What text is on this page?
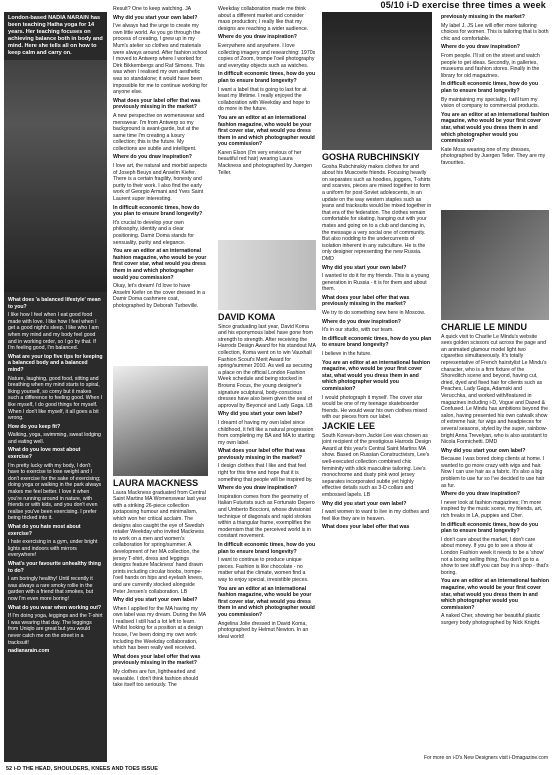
05/10 i-D exercise three times a week
London-based NADIA NARAIN has been teaching Hatha yoga for 14 years. Her teaching focuses on achieving balance both in body and mind. Here she tells all on how to keep calm and carry on.

What does 'a balanced lifestyle' mean to you?

I like how I feel when I eat good food made with love. I like how I feel when I get a good night's sleep. I like who I am when my mind and my body feel good and in working order, so I go by that. If I'm feeling good, I'm balanced.

What are your top five tips for keeping a balanced body and a balanced mind?

Nature, laughing, good food, sitting and breathing when my mind starts to spiral, liking yourself, so corny but it makes such a difference to feeling good. When I like myself, I do good things for myself. When I don't like myself, it all goes a bit wrong.

How do you keep fit?

Walking, yoga, swimming, sweat lodging and eating well.

What do you love most about exercise?

I'm pretty lucky with my body, I don't have to exercise to lose weight and I don't exercise for the sake of exercising; doing yoga or walking in the park always makes me feel better. I love it when you're running around in nature, with friends or with kids, and you don't even realise you've been exercising. I prefer being tricked into it.

What do you hate most about exercise?

I hate exercising in a gym, under bright lights and indoors with mirrors everywhere!

What's your favourite unhealthy thing to do?

I am boringly healthy! Until recently it was always a rare smoky rollie in the garden with a friend that smokes, but now I'm even more boring!

What do you wear when working out?

If I'm doing yoga, leggings and the T-shirt I was wearing that day. The leggings from Uniqlo are great but you would never catch me on the street in a tracksuit!

nadianarain.com

Result? One to keep watching. JA

Why did you start your own label?

I've always had the urge to create my own little world. As you go through the process of creating, I grew up in my Mum's atelier so clothes and materials were always around. After fashion school I moved to Antwerp where I worked for Dirk Bikkembergs and Raf Simons. This was when I realised my own aesthetic was so standalone; it would have been impossible for me to continue working for anyone else.

What does your label offer that was previously missing in the market?

A new perspective on womenswear and menswear. I'm from Antwerp so my background is avant-garde, but at the same time I'm creating a luxury collection; this is the future. My collections are subtle and intelligent.

Where do you draw inspiration?

I love art, the natural and morbid aspects of Joseph Beuys and Anselm Kiefer. There is a certain fragility, honesty and purity to their work. I also find the early work of Georgio Armani and Yves Saint Laurent super interesting.

In difficult economic times, how do you plan to ensure brand longevity?

It's crucial to develop your own philosophy, identity and a clear positioning. Damir Doma stands for sensuality, purity and elegance.

You are an editor at an international fashion magazine, who would be your first cover star, what would you dress them in and which photographer would you commission?

Okay, let's dream! I'd love to have Anselm Kiefer on the cover dressed in a Damir Doma cashmere coat, photographed by Deborah Turbeville.

LAURA MACKNESS

Laura Mackness graduated from Central Saint Martins MA Womenswear last year with a striking 26-piece collection juxtaposing humour and minimalism, which won her critical acclaim. The designs also caught the eye of Swedish retailer Weekday who invited Mackness to work on a men and women's collaboration for spring/summer. A development of her MA collection, the jersey T-shirt, dress and leggings designs feature Mackness' hand drawn prints including circular boobs, trompe-l'oeil hands on hips and eyelash knees, and are currently stocked alongside Peter Jensen's collaboration. LB

Why did you start your own label?

When I applied for the MA having my own label was my dream. During the MA I realised I still had a lot left to learn. Whilst looking for a position at a design house, I've been doing my own work including the Weekday collaboration, which has been really well received.

What does your label offer that was previously missing in the market?

My clothes are fun, lighthearted and wearable. I don't think fashion should take itself too seriously. The

Weekday collaboration made me think about a different market and consider mass production; I really like that my designs are reaching a wider audience.

Where do you draw inspiration?

Everywhere and anywhere. I love collecting imagery and researching: 1970s copies of Zoom, trompe l'oeil photography and everyday objects such as watches.

In difficult economic times, how do you plan to ensure brand longevity?

I want a label that is going to last for at least my lifetime. I really enjoyed the collaboration with Weekday and hope to do more in the future.

You are an editor at an international fashion magazine, who would be your first cover star, what would you dress them in and which photographer would you commission?

Karen Elson (I'm very envious of her beautiful red hair) wearing Laura Mackness and photographed by Juergen Teller.

DAVID KOMA

Since graduating last year, David Koma and his eponymous label have gone from strength to strength. After receiving the Harrods Design Award for his standout MA collection, Koma went on to win Vauxhall Fashion Scout's Merit Award for spring/summer 2010. As well as securing a place on the official London Fashion Week schedule and being stocked in Browns Focus, the young designer's signature sculptural, body-conscious dresses have also been given the seal of approval by Beyoncé and Lady Gaga. LB

Why did you start your own label?

I dreamt of having my own label since childhood, it felt like a natural progression from completing my BA and MA to starting my own label.

What does your label offer that was previously missing in the market?

I design clothes that I like and that feel right for this time and hope that it is something that people will be inspired by.

Where do you draw inspiration?

Inspiration comes from the geometry of Italian Futurists such as Fortunato Depero and Umberto Boccioni, whose divisionist technique of diagonals and rapid strokes within a triangular frame, exemplifies the modernism that the perceived world is in constant movement.

In difficult economic times, how do you plan to ensure brand longevity?

I want to continue to produce unique pieces. Fashion is like chocolate - no matter what the climate, women find a way to enjoy special, irresistible pieces.

You are an editor at an international fashion magazine, who would be your first cover star, what would you dress them in and which photographer would you commission?

Angelina Jolie dressed in David Koma, photographed by Helmut Newton. In an ideal world!

GOSHA RUBCHINSKIY

Gosha Rubchinskiy makes clothes for and about his Muscovite friends. Focusing heavily on separates such as hoodies, joggers, T-shirts and scarves, pieces are mixed together to form a uniform for post-Soviet adolescents, in an update on the way western staples such as jeans and tracksuits would be mixed together in that era of the federation. The clothes remain comfortable for skating, hanging out with your mates and going on to a club and dancing in, the message a very social one of community. But also nodding to the undercurrents of isolation inherent in any subculture. He is the only designer representing the new Russia. DMD

Why did you start your own label?

I wanted to do it for my friends. This is a young generation in Russia - it is for them and about them.

What does your label offer that was previously missing in the market?

We try to do something new here in Moscow.

Where do you draw inspiration?

It's in our studio, with our team.

In difficult economic times, how do you plan to ensure brand longevity?

I believe in the future.

You are an editor at an international fashion magazine, who would be your first cover star, what would you dress them in and which photographer would you commission?

I would photograph it myself. The cover star would be one of my teenage skateboarder friends. He would wear his own clothes mixed with our pieces from our label.

JACKIE LEE

South Korean-born Jackie Lee was chosen as joint recipient of the prestigious Harrods Design Award at this year's Central Saint Martins MA show. Based on Russian Constructivism, Lee's well-executed collection combined chic femininity with slick masculine tailoring. Lee's monochrome and dusty pink wool jersey separates incorporated subtle yet highly effective details such as 3-D collars and embossed lapels. LB

Why did you start your own label?

I want women to want to live in my clothes and feel like they are in heaven.

What does your label offer that was

previously missing in the market?

My label J. JS Lee will offer more tailoring choices for women. This is tailoring that is both chic and comfortable.

Where do you draw inspiration?

From people. I'll sit on the street and watch people to get ideas. Secondly, in galleries, museums and fashion stores. Finally in the library for old magazines.

In difficult economic times, how do you plan to ensure brand longevity?

By maintaining my speciality, I will turn my vision of company to commercial products.

You are an editor at an international fashion magazine, who would be your first cover star, what would you dress them in and which photographer would you commission?

Kate Moss wearing one of my dresses, photographed by Juergen Teller. They are my favourites.

CHARLIE LE MINDU

A quick visit to Charlie Le Mindu's website sees golden scissors cut across the page and an animated glamour model light two cigarettes simultaneously. It's totally representative of French hairstylist Le Mindu's character, who is a firm fixture of the Shoreditch scene and beyond, having cut, dried, dyed and fixed hair for clients such as Peaches, Lady Gaga, Adamski and Verucchka, and worked with/featured in magazines including i-D, Vogue and Dazed & Confused. Le Mindu has ambitions beyond the salon, having presented his own catwalk show of extreme hair, fur wigs and headpieces for several seasons, styled by the super, rainbow-bright Anna Trevelyan, who is also assistant to Nicola Formichetti. DMD

Why did you start your own label?

Because I was bored doing clients at home. I wanted to go more crazy with wigs and hair. Now I can use hair as a fabric. It's also a big problem to use fur so I've decided to use hair as fur.

Where do you draw inspiration?

I never look at fashion magazines; I'm more inspired by the music scene, my friends, art, rich freaks in LA, puppies and Cher.

In difficult economic times, how do you plan to ensure brand longevity?

I don't care about the market, I don't care about money. If you go to see a show at London Fashion week it needs to be a 'show' not a boring selling thing. You don't go to a show to see stuff you can buy in a shop - that's boring.

You are an editor at an international fashion magazine, who would be your first cover star, what would you dress them in and which photographer would you commission?

A naked Cher, showing her beautiful plastic surgery body photographed by Nick Knight.

For more on i-D's New Designers visit i-Dmagazine.com
52 i-D THE HEAD, SHOULDERS, KNEES AND TOES ISSUE
